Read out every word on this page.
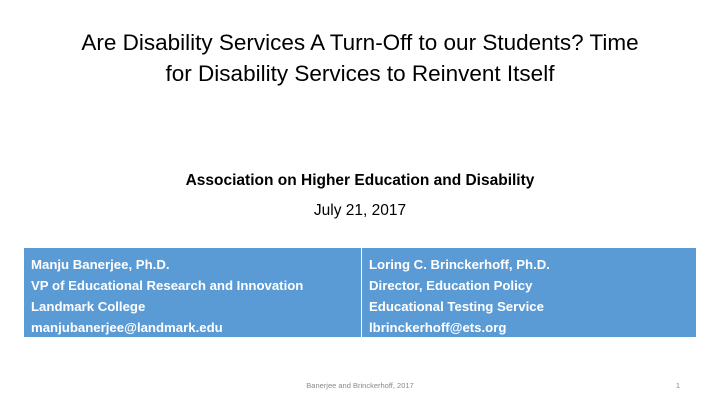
Are Disability Services A Turn-Off to our Students? Time
for Disability Services to Reinvent Itself
Association on Higher Education and Disability
July 21, 2017
Manju Banerjee, Ph.D.
VP of Educational Research and Innovation
Landmark College
manjubanerjee@landmark.edu
Loring C. Brinckerhoff, Ph.D.
Director, Education Policy
Educational Testing Service
lbrinckerhoff@ets.org
Banerjee and Brinckerhoff, 2017	1
